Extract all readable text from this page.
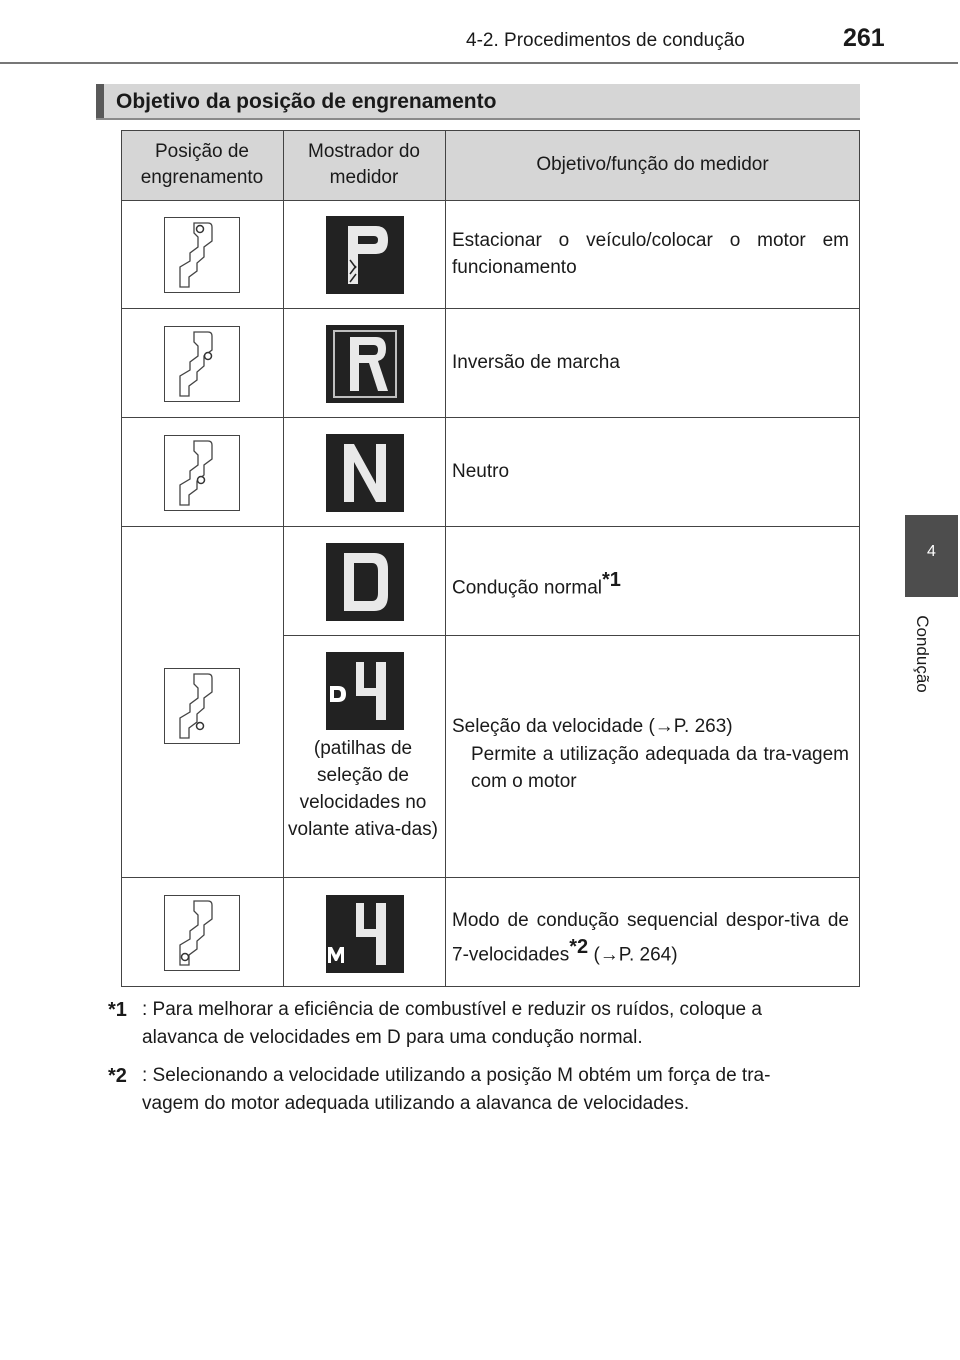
4-2. Procedimentos de condução	261
4
Condução
Objetivo da posição de engrenamento
Posição de engrenamento
Mostrador do medidor
Objetivo/função do medidor
(patilhas de seleção de velocidades no volante ativa-das)
Estacionar o veículo/colocar o motor em funcionamento
Inversão de marcha
Neutro
Condução normal$^{*1}$
Seleção da velocidade (→P. 263)
Permite a utilização adequada da tra-vagem com o motor
Modo de condução sequencial despor-tiva de 7-velocidades$^{*2}$ (→P. 264)
*1 : Para melhorar a eficiência de combustível e reduzir os ruídos, coloque a
alavanca de velocidades em D para uma condução normal.
*2 : Selecionando a velocidade utilizando a posição M obtém um força de tra-
vagem do motor adequada utilizando a alavanca de velocidades.
